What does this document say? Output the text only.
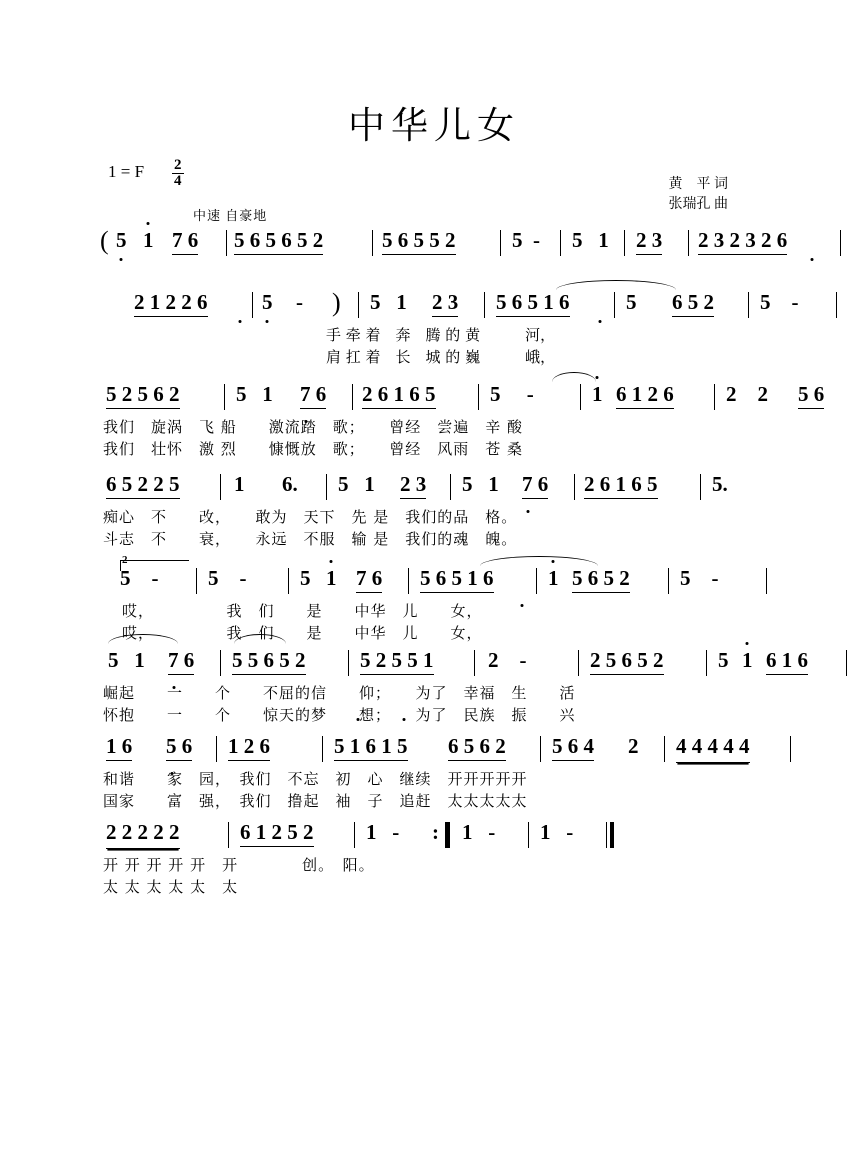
中华儿女
1 = F $\frac{2}{4}$	黄　平 词
张瑞孔 曲
中速 自豪地
( 5 1 7 6 5 6 5 6 5 2	5 6 5 5 2	5  - 5   1 2 3 2 3 2 3 2 6

2 1 2 2 6
	5 - ) 5   1 2 3 5 6 5 1 6
	5 6 5 2 5    -
手 牵 着　奔　腾 的 黄　　　河，
肩 扛 着　长　城 的 巍　　　峨，
5 2 5 6 2	5   1 7 6
2 6 1 6 5	5     -	1 6 1 2 6 2    2 5 6
我们　旋涡　飞 船　　激流踏　歌；　　曾经　尝遍　辛 酸
我们　壮怀　激 烈　　慷慨放　歌；　　曾经　风雨　苍 桑
6 5 2 2 5	1 6. 5   1 2 3 5   1 7 6
2 6 1 6 5	5.
痴心　不　　改，　　敢为　天下　先 是　我们的品　格。
斗志　不　　衰，　　永远　不服　输 是　我们的魂　魄。
2
5    - 5    -	5 1 7 6 5 6 5 1 6
	1 5 6 5 2 5    -
哎，　　　　　我　们　　是　　中华　儿　　女，
哎，　　　　　我　们　　是　　中华　儿　　女，
5   1 7 6
5 5 6 5 2	5 2 5 5 1	2    -	2 5 6 5 2	5 1 6 1 6
崛起　　一　　个　　不屈的信　　仰；　　为了　幸福　生　　活
怀抱　　一　　个　　惊天的梦　　想；　　为了　民族　振　　兴
1 6 5 6
1 2 6	5 1 6 1 5

6 5 6 2 5 6 4 2 4 4 4 4 4
和谐　　家　园，　我们　不忘　初　心　继续　开开开开开
国家　　富　强，　我们　撸起　袖　子　追赶　太太太太太
2 2 2 2 2	6 1 2 5 2	1   - : 1   - 1   -
开 开 开 开 开　开　　　　创。　阳。
太 太 太 太 太　太
